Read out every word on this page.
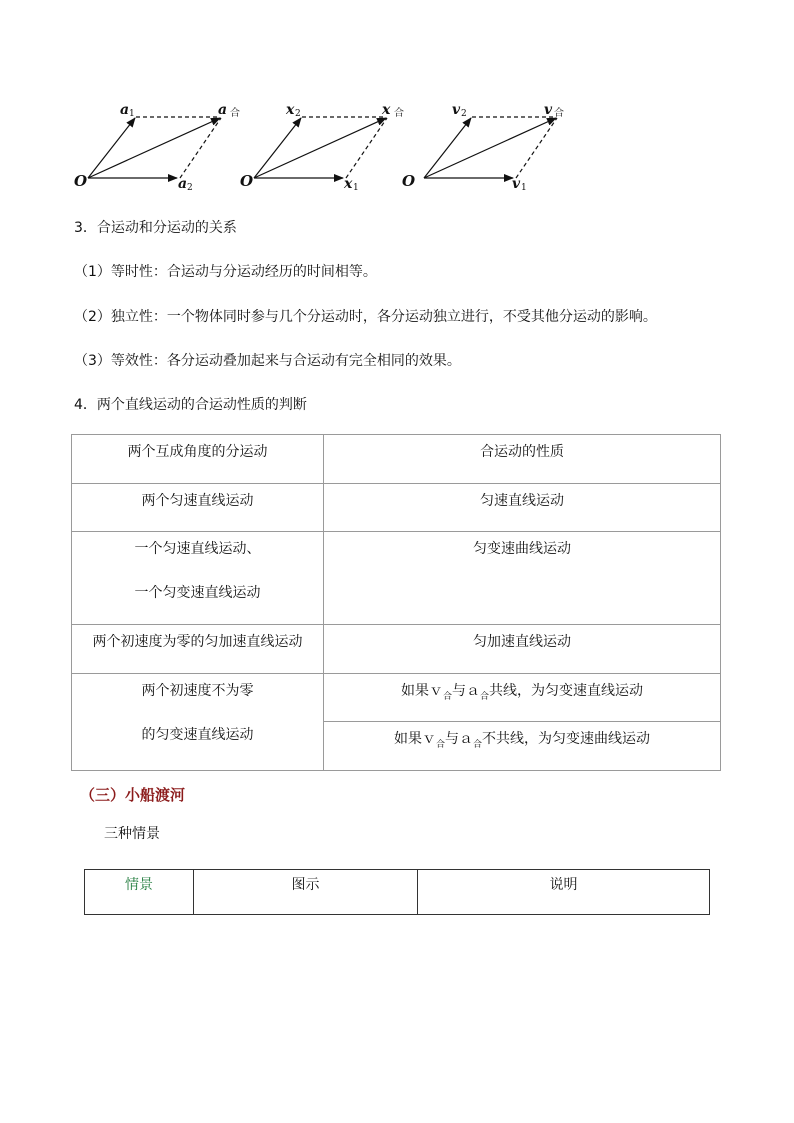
O
a 1
a 2
a 合
O
x 2
x 1
x 合
O
v 2
v 1
v 合
3．合运动和分运动的关系
（1）等时性：合运动与分运动经历的时间相等。
（2）独立性：一个物体同时参与几个分运动时，各分运动独立进行，不受其他分运动的影响。
（3）等效性：各分运动叠加起来与合运动有完全相同的效果。
4．两个直线运动的合运动性质的判断
两个互成角度的分运动	合运动的性质

两个匀速直线运动	匀速直线运动

一个匀速直线运动、
一个匀变速直线运动	匀变速曲线运动

两个初速度为零的匀加速直线运动	匀加速直线运动

两个初速度不为零
的匀变速直线运动	如果ｖ$_合$与ａ$_合$共线，为匀变速直线运动

	如果ｖ$_合$与ａ$_合$不共线，为匀变速曲线运动
（三）小船渡河
三种情景
情景	图示	说明
